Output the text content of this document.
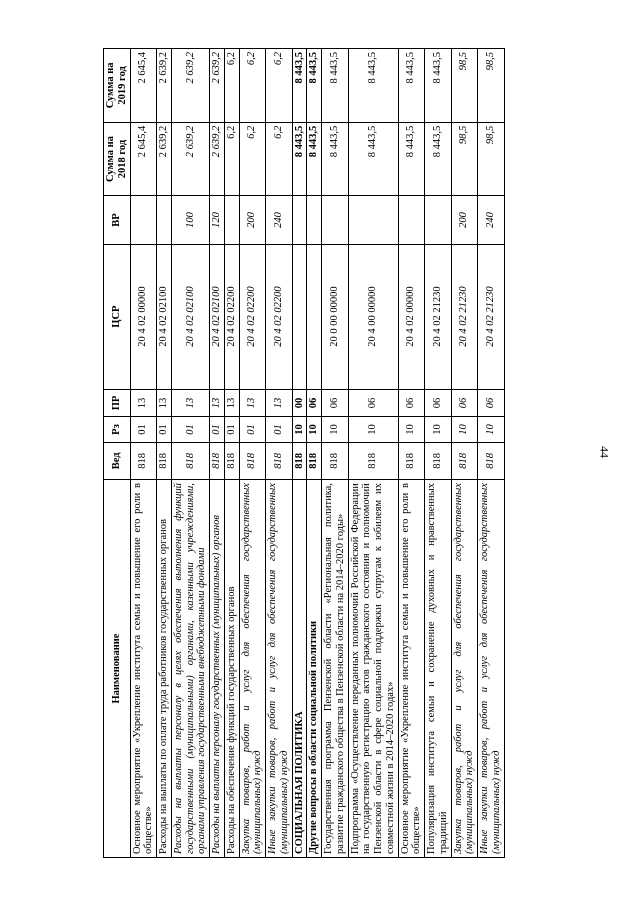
44
Наименование	Вед	Рз	ПР	ЦСР	ВР	Сумма на 2018 год	Сумма на 2019 год
Основное мероприятие «Укрепление института семьи и повышение его роли в обществе»	818	01	13	20 4 02 00000		2 645,4	2 645,4
Расходы на выплаты по оплате труда работников государственных органов	818	01	13	20 4 02 02100		2 639,2	2 639,2
Расходы на выплаты персоналу в целях обеспечения выполнения функций государственными (муниципальными) органами, казенными учреждениями, органами управления государственными внебюджетными фондами	818	01	13	20 4 02 02100	100	2 639,2	2 639,2
Расходы на выплаты персоналу государственных (муниципальных) органов	818	01	13	20 4 02 02100	120	2 639,2	2 639,2
Расходы на обеспечение функций государственных органов	818	01	13	20 4 02 02200		6,2	6,2
Закупка товаров, работ и услуг для обеспечения государственных (муниципальных) нужд	818	01	13	20 4 02 02200	200	6,2	6,2
Иные закупки товаров, работ и услуг для обеспечения государственных (муниципальных) нужд	818	01	13	20 4 02 02200	240	6,2	6,2
СОЦИАЛЬНАЯ ПОЛИТИКА	818	10	00			8 443,5	8 443,5
Другие вопросы в области социальной политики	818	10	06			8 443,5	8 443,5
Государственная программа Пензенской области «Региональная политика, развитие гражданского общества в Пензенской области на 2014–2020 годы»	818	10	06	20 0 00 00000		8 443,5	8 443,5
Подпрограмма «Осуществление переданных полномочий Российской Федерации на государственную регистрацию актов гражданского состояния и полномочий Пензенской области в сфере социальной поддержки супругам к юбилеям их совместной жизни в 2014–2020 годах»	818	10	06	20 4 00 00000		8 443,5	8 443,5
Основное мероприятие «Укрепление института семьи и повышение его роли в обществе»	818	10	06	20 4 02 00000		8 443,5	8 443,5
Популяризация института семьи и сохранение духовных и нравственных традиций	818	10	06	20 4 02 21230		8 443,5	8 443,5
Закупка товаров, работ и услуг для обеспечения государственных (муниципальных) нужд	818	10	06	20 4 02 21230	200	98,5	98,5
Иные закупки товаров, работ и услуг для обеспечения государственных (муниципальных) нужд	818	10	06	20 4 02 21230	240	98,5	98,5
